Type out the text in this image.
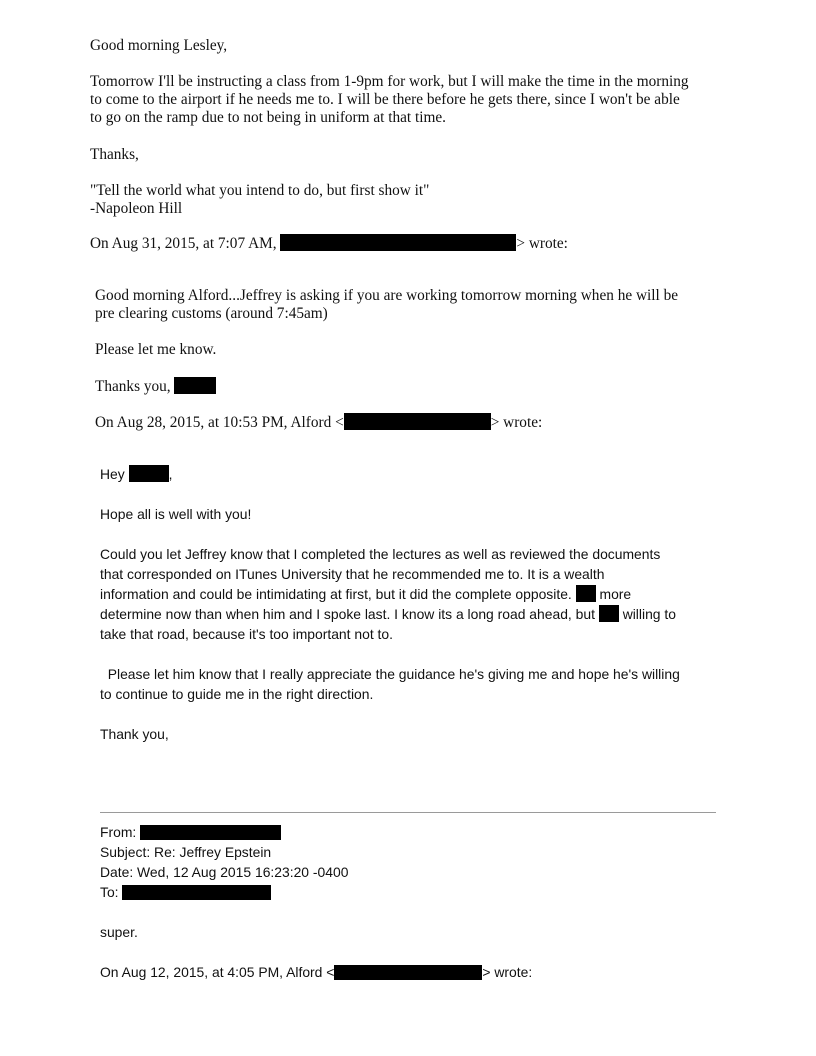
Good morning Lesley,
Tomorrow I'll be instructing a class from 1-9pm for work, but I will make the time in the morning
to come to the airport if he needs me to. I will be there before he gets there, since I won't be able
to go on the ramp due to not being in uniform at that time.
Thanks,
"Tell the world what you intend to do, but first show it"
-Napoleon Hill
On Aug 31, 2015, at 7:07 AM,	> wrote:
Good morning Alford...Jeffrey is asking if you are working tomorrow morning when he will be
pre clearing customs (around 7:45am)
Please let me know.
Thanks you,
On Aug 28, 2015, at 10:53 PM, Alford <	> wrote:
Hey	,
Hope all is well with you!
Could you let Jeffrey know that I completed the lectures as well as reviewed the documents
that corresponded on ITunes University that he recommended me to. It is a wealth
information and could be intimidating at first, but it did the complete opposite. more
determine now than when him and I spoke last. I know its a long road ahead, but willing to
take that road, because it's too important not to.
Please let him know that I really appreciate the guidance he's giving me and hope he's willing
to continue to guide me in the right direction.
Thank you,
From:
Subject: Re: Jeffrey Epstein
Date: Wed, 12 Aug 2015 16:23:20 -0400
To:
super.
On Aug 12, 2015, at 4:05 PM, Alford <	> wrote:
